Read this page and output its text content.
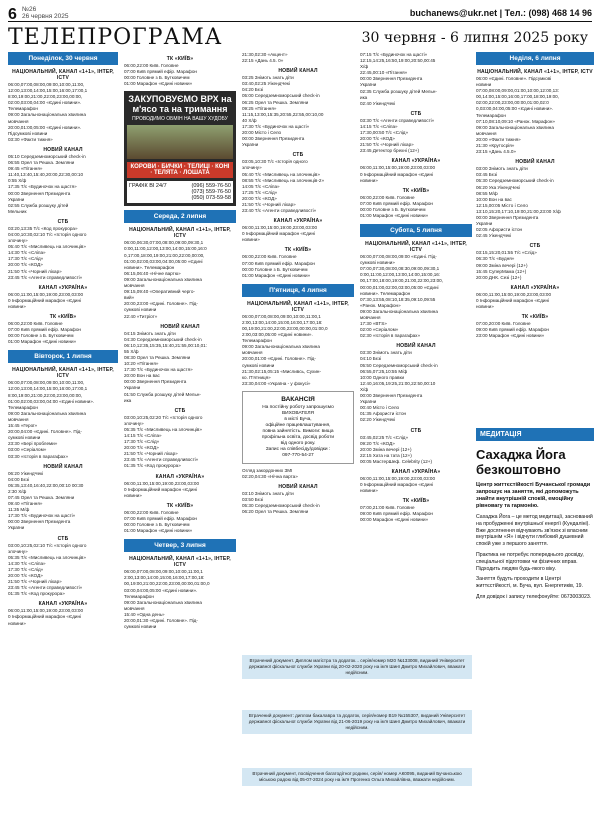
6 №26
26 червня 2025	buchanews@ukr.net | Тел.: (098) 468 14 96
ТЕЛЕПРОГРАМА	30 червня - 6 липня 2025 року
Понеділок, 30 червня
НАЦІОНАЛЬНИЙ, КАНАЛ «1+1», ІНТЕР, ICTV
06:00,07:00,08:00,09:00,10:00,11:00,
12:00,13:00,14:00,15:00,16:00,17:00,1
8:00,19:00,21:00,22:00,23:00,00:00,
02:00,03:00,04:00 «Єдині новини».
Телемарафон
09:00 Загальнонаціональна хвилина
мовчання
20:00,01:00,05:00 «Єдині новини».
Підсумкові новини
03:30 «Факти тижня»
НОВИЙ КАНАЛ
05:10 Середземноморський check-in
06:55 Орел та Решка. Земляни
09:45 «Пітання»
11:40,13:40,15:40,20:00,22:30,00:10
0:55 Х/ф
17:35 Т/с «Будиночок на щастя»
00:00 Звернення Президента
України
02:55 Служба розшуку дітей
Мельник
СТБ
03:20,13:35 Т/с «Код прокурора»
04:00,10:30,02:10 Т/с «Історія одного
злочину»
05:40 Т/с «Мисливець на злочинців»
14:30 Т/с «Сліпа»
17:30 Т/с «Слід»
20:00 Т/с «КОД»
21:50 Т/с «Чорний ліхар»
23:45 Т/с «Агенти справедливості»
КАНАЛ «УКРАЇНА»
06:00,11:00,15:00,19:00,23:00,03:00
0 Інформаційний марафон «Єдині
новини»
ТК «КИЇВ»
06:00,22:00 Київ. Головне
07:00 Київ прямий ефір. Марафон
00:00 Головне з Б. Бутковичем
01:00 Марафон «Єдині новини»
Вівторок, 1 липня
НАЦІОНАЛЬНИЙ, КАНАЛ «1+1», ІНТЕР, ICTV
06:00,07:00,08:00,09:00,10:00,11:00,
12:00,13:00,14:00,15:00,16:00,17:00,1
8:00,19:00,21:00,22:00,23:00,00:00,
01:00,02:00,03:00,04:00 «Єдині новини».
Телемарафон
09:00 Загальнонаціональна хвилина
мовчання
15:45 «Герої»
20:00,04:00 «Єдині. Головне». Під-
сумкові новини
23:30 «Бері проблеми»
03:00 «Серіалом»
03:30 «Історія в парагафах»
НОВИЙ КАНАЛ
06:20 УікендЧекі
04:00 Бєзі
05:35,13:40,16:40,22:00,00:10 00:30
2:30 Х/ф
07:45 Орел та Решка. Земляни
09:40 «Пітання»
11:35 М/ф
17:30 Т/с «Будиночок на щасті»
00:00 Звернення Президента
України
СТБ
03:00,10:25,02:10 Т/с «Історія одного
злочину»
05:35 Т/с «Мисливець на злочинців»
14:30 Т/с «Сліпа»
17:30 Т/с «Слід»
20:00 Т/с «КОД»
21:50 Т/с «Чорний ліхар»
23:45 Т/с «Агенти справедливості»
01:35 Т/с «Код прокурора»
КАНАЛ «УКРАЇНА»
06:00,11:00,15:00,19:00,23:00,03:00
0 Інформаційний марафон «Єдині
новини»
ТК «КИЇВ»
06:00,22:00 Київ. Головне
07:00 Київ прямий ефір. Марафон
00:00 Головне з Б. Бутковичем
01:00 Марафон «Єдині новини»
ЗАКУПОВУЄМО ВРХ на м'ясо та на тримання
ПРОВОДИМО ОБМІН НА ВАШУ ХУДОБУ
КОРОВИ · БИЧКИ · ТЕЛИЦІ · КОНІ · ТЕЛЯТА · ЛОШАТА
ГРАФІК ВІ 24/7	(096) 559-76-50
(073) 559-76-50
(050) 073-59-58
Середа, 2 липня
НАЦІОНАЛЬНИЙ, КАНАЛ «1+1», ІНТЕР, ICTV
06:00,06:30,07:00,08:00,09:00,09:30,1
0:00,11:00,12:00,13:00,14:00,15:00,16:0
0,17:00,18:00,19:00,21:00,22:00,00:00,
01:00,02:00,03:00,04:00,05:00 «Єдині
новини». Телемарафон
06:15,06:40 «Нічне вартю»
09:00 Загальнонаціональна хвилина
мовчання
09:15,09:40 «Оперативний черго-
вий»
20:00,23:00 «Єдині. Головне». Під-
сумкові новини
22:40 «Титріот»
НОВИЙ КАНАЛ
04:15 Знімоть знать діти
04:30 Середземноморський check-in
06:10,12:35,15:35,15:40,21:55,00:10,01:
55 Х/ф
08:30 Орел та Решка. Земляни
10:20 «Пітання»
17:30 Т/с «Будиночок на щастя»
20:00 Вон на вас
00:00 Звернення Президента
України
01:50 Служба розшуку дітей Мельн-
ика
СТБ
03:00,10:25,02:20 Т/с «Історія одного
злочину»
05:35 Т/с «Мисливець на злочинців»
14:15 Т/с «Сліпа»
17:30 Т/с «Слід»
20:00 Т/с «КОД»
21:50 Т/с «Чорний ліхар»
23:45 Т/с «Агенти справедливості»
01:35 Т/с «Код прокурора»
КАНАЛ «УКРАЇНА»
06:00,11:00,15:00,19:00,23:00,03:00
0 Інформаційний марафон «Єдині
новини»
ТК «КИЇВ»
06:00,22:00 Київ. Головне
07:00 Київ прямий ефір. Марафон
00:00 Головне з Б. Бутковичем
01:00 Марафон «Єдині новини»
Четвер, 3 липня
НАЦІОНАЛЬНИЙ, КАНАЛ «1+1», ІНТЕР, ICTV
06:00,07:00,08:00,09:00,10:00,11:00,1
2:00,13:00,14:00,15:00,16:00,17:00,18:
00,19:00,21:00,22:00,23:00,00:00,01:00,0
03:00,04:00,05:00 «Єдині новини».
Телемарафон
09:00 Загальнонаціональна хвилина
мовчання
15:40 «Одна день»
20:00,01:30 «Єдині. Головне». Під-
сумкові новини
21:30,02:30 «Акцент»
22:15 «Дань 4.5. 0»
НОВИЙ КАНАЛ
03:25 Знімоть знать діти
03:40,02:25 УікендЧекі
04:20 Бєзі
05:00 Середземноморський check-in
06:25 Орел та Решка. Земляни
09:25 «Пітання»
11:15,13:00,15:35,20:55,22:55,00:10,00
40 Х/ф
17:30 Т/с «Будиночок на щасті»
20:00 Місто і Село
00:00 Звернення Президента
України
СТБ
03:05,10:30 Т/с «Історія одного
злочину»
05:40 Т/с «Мисливець на злочинців»
08:55 Т/с «Мисливець на злочинців-2»
14:05 Т/с «Сліпа»
17:25 Т/с «Слід»
20:00 Т/с «КОД»
21:50 Т/с «Чорний ліхар»
23:40 Т/с «Агенти справедливості»
КАНАЛ «УКРАЇНА»
06:00,11:00,15:00,19:00,23:00,03:00
0 Інформаційний марафон «Єдині
новини»
ТК «КИЇВ»
06:00,22:00 Київ. Головне
07:00 Київ прямий ефір. Марафон
00:00 Головне з Б. Бутковичем
01:00 Марафон «Єдині новини»
П'ятниця, 4 липня
НАЦІОНАЛЬНИЙ, КАНАЛ «1+1», ІНТЕР, ICTV
06:00,07:00,08:00,09:00,10:00,11:00,1
2:00,13:00,14:00,15:00,16:00,17:00,18:
00,19:00,21:00,22:00,23:00,00:00,01:00,0
2:00,03:00,05:00 «Єдині новини».
Телемарафон
09:00 Загальнонаціональна хвилина
мовчання
20:00,01:00 «Єдині. Головне». Під-
сумкові новини
21:30,02:15,05:15 «Мисливсь, Сухин-
ко. П'ятниця»
23:30,04:00 «Україна - у фокусі»
ВАКАНСІЯ
На постійну роботу запрошуємо
ВИХОВАТЕЛЯ
в місті Буча,
офіційне працевлаштування,
повна зайнятість. Вимоги: вища
профільна освіта, досвід роботи
від одного року.
Запис на співбесіду/довідки :
097-770-54-27
Огляд закордонних ЗМІ
02:20,04:30 «Нічна варта»
НОВИЙ КАНАЛ
03:10 Знімоть знать діти
03:50 Бєзі
05:30 Середземноморський check-in
06:20 Орел та Решка. Земляни
07:15 Т/с «Будиночок на щасті»
12:15,14:25,16:50,19:00,20:50,00:45
Х/ф
22:45,00:10 «Пітання»
00:00 Звернення Президента
України
02:35 Служба розшуку дітей Мельн-
ика
02:40 УікендЧекі
СТБ
03:30 Т/с «Агенти справедливості»
14:15 Т/с «Сліпа»
17:30,00:50 Т/с «Слід»
20:00 Т/с «КОД»
21:50 Т/с «Чорний ліхар»
23:45 Детектор брехні (12+)
КАНАЛ «УКРАЇНА»
06:00,11:00,15:00,19:00,23:00,03:00
0 Інформаційний марафон «Єдині
новини»
ТК «КИЇВ»
06:00,22:00 Київ. Головне
07:00 Київ прямий ефір. Марафон
00:00 Головне з Б. Бутковичем
01:00 Марафон «Єдині новини»
Субота, 5 липня
НАЦІОНАЛЬНИЙ, КАНАЛ «1+1», ІНТЕР, ICTV
06:00,07:00,08:00,09:00 «Єдині. Під-
сумкові новини»
07:00,07:30,08:00,08:30,09:00,09:30,1
0:00,11:00,12:00,13:00,14:00,15:00,16:
00,17:00,18:00,19:00,21:00,22:00,23:00,
00:00,01:00,02:00,03:00,05:00 «Єдині
новини». Телемарафон
07:30,13:55,08:10,18:35,09:10,09:55
«Ранок. Марафон»
09:00 Загальнонаціональна хвилина
мовчання
17:30 «BTS»
02:00 «Серіалом»
02:30 «Історія в парагафах»
НОВИЙ КАНАЛ
03:30 Знімоть знать діти
04:10 Бєзі
05:50 Середземноморський check-in
06:55,07:25,10:55 М/ф
10:00 Одного правки
12:40,16:05,19:25,21:00,22:50,00:10
Х/ф
00:00 Звернення Президента
України
00:40 Місто і Село
01:35 Афористи істон
02:20 УікендЧекі
СТБ
03:45,02:25 Т/с «Слід»
09:20 Т/с «КОД»
20:00 Зміна вечері (12+)
22:15 Хата на тата (12+)
00:05 МастерШеф. Celebrity (12+)
КАНАЛ «УКРАЇНА»
06:00,11:00,15:00,19:00,23:00,03:00
0 Інформаційний марафон «Єдині
новини»
ТК «КИЇВ»
07:00,21:00 Київ. Головне
09:00 Київ прямий ефір. Марафон
00:00 Марафон «Єдині новини»
Неділя, 6 липня
НАЦІОНАЛЬНИЙ, КАНАЛ «1+1», ІНТЕР, ICTV
06:00 «Єдині. Головне». Підсумкові
новини
07:00,08:00,09:00,01:00,10:00,12:00,13:
00,14:00,15:00,16:00,17:00,18:00,19:00,
02:00,22:00,23:00,00:00,01:00,02:0
0,03:00,04:00,05:00 «Єдині новини».
Телемарафон
07:10,08:10,09:10 «Ранок. Марафон»
09:00 Загальнонаціональна хвилина
мовчання
20:00 «Факти тижня»
21:30 «Крутосрія»
23:15 «Дань 4.5.0»
НОВИЙ КАНАЛ
03:00 Знімоть знать діти
03:45 Бєзі
05:30 Середземноморський check-in
06:20 Ука УікендЧекі
08:55 М/ф
10:00 Вон на вас
12:15,00:05 Місто і Село
13:10,15:20,17:10,19:00,21:00,23:00 Х/ф
00:00 Звернення Президента
України
02:05 Афористи істон
02:45 УікендЧекі
СТБ
03:15,15:20,01:55 Т/с «Слід»
06:30 Т/с «Будня»
09:00 Зміна вечері (12+)
15:45 СуперМама (12+)
20:00 ДНК. Сезі (12+)
КАНАЛ «УКРАЇНА»
06:00,11:00,15:00,19:00,23:00,03:00
0 Інформаційний марафон «Єдині
новини»
ТК «КИЇВ»
07:00,20:00 Київ. Головне
09:00 Київ прямий ефір. Марафон
23:00 Марафон «Єдині новини»
МЕДИТАЦІЯ
Сахаджа Йога безкоштовно
Центр життєстійкості Бучанської громади запрошує на заняття, які допоможуть знайти внутрішній спокій, емоційну рівновагу та гармонію.
Сахаджа Йога – це метод медитації, заснований на пробудженні внутрішньої енергії (Кундаліні). Вже досягнення відчувають зв'язок зі власним внутрішнім «Я» і відчути глибокий душевний спокій уже з першого заняття.
Практика не потребує попереднього досвіду, спеціальної підготовки чи фізичних вправ. Підходить людям будь-якого віку.
Заняття будуть проходити в Центрі життєстійкості, м. Буча, вул. Енергетиків, 19.
Для довідок і запису телефонуйте: 0673003023.
Втрачений документ. Диплом магістра та додаток... серія/номер M20 №133008, виданий Університет державної фіскальної служби України від 20-02-2020 року на ім'я Шинї Дмитро Михайлович, вважати недійсним.
Втрачений документ: диплом бакалавра та додаток, серія/номер B19 №155307, виданий Університет державної фіскальної служби України від 21-06-2019 року на ім'я Шинї Дмитро Михайлович, вважати недійсним.
Втрачений документ, посвідчення багатодітної родини, серія/ номер АК0095, виданий Бучанською міською радою від 05-07-2024 року на ім'я Прогенко Ольга Михайлівна, вважати недійсним.
